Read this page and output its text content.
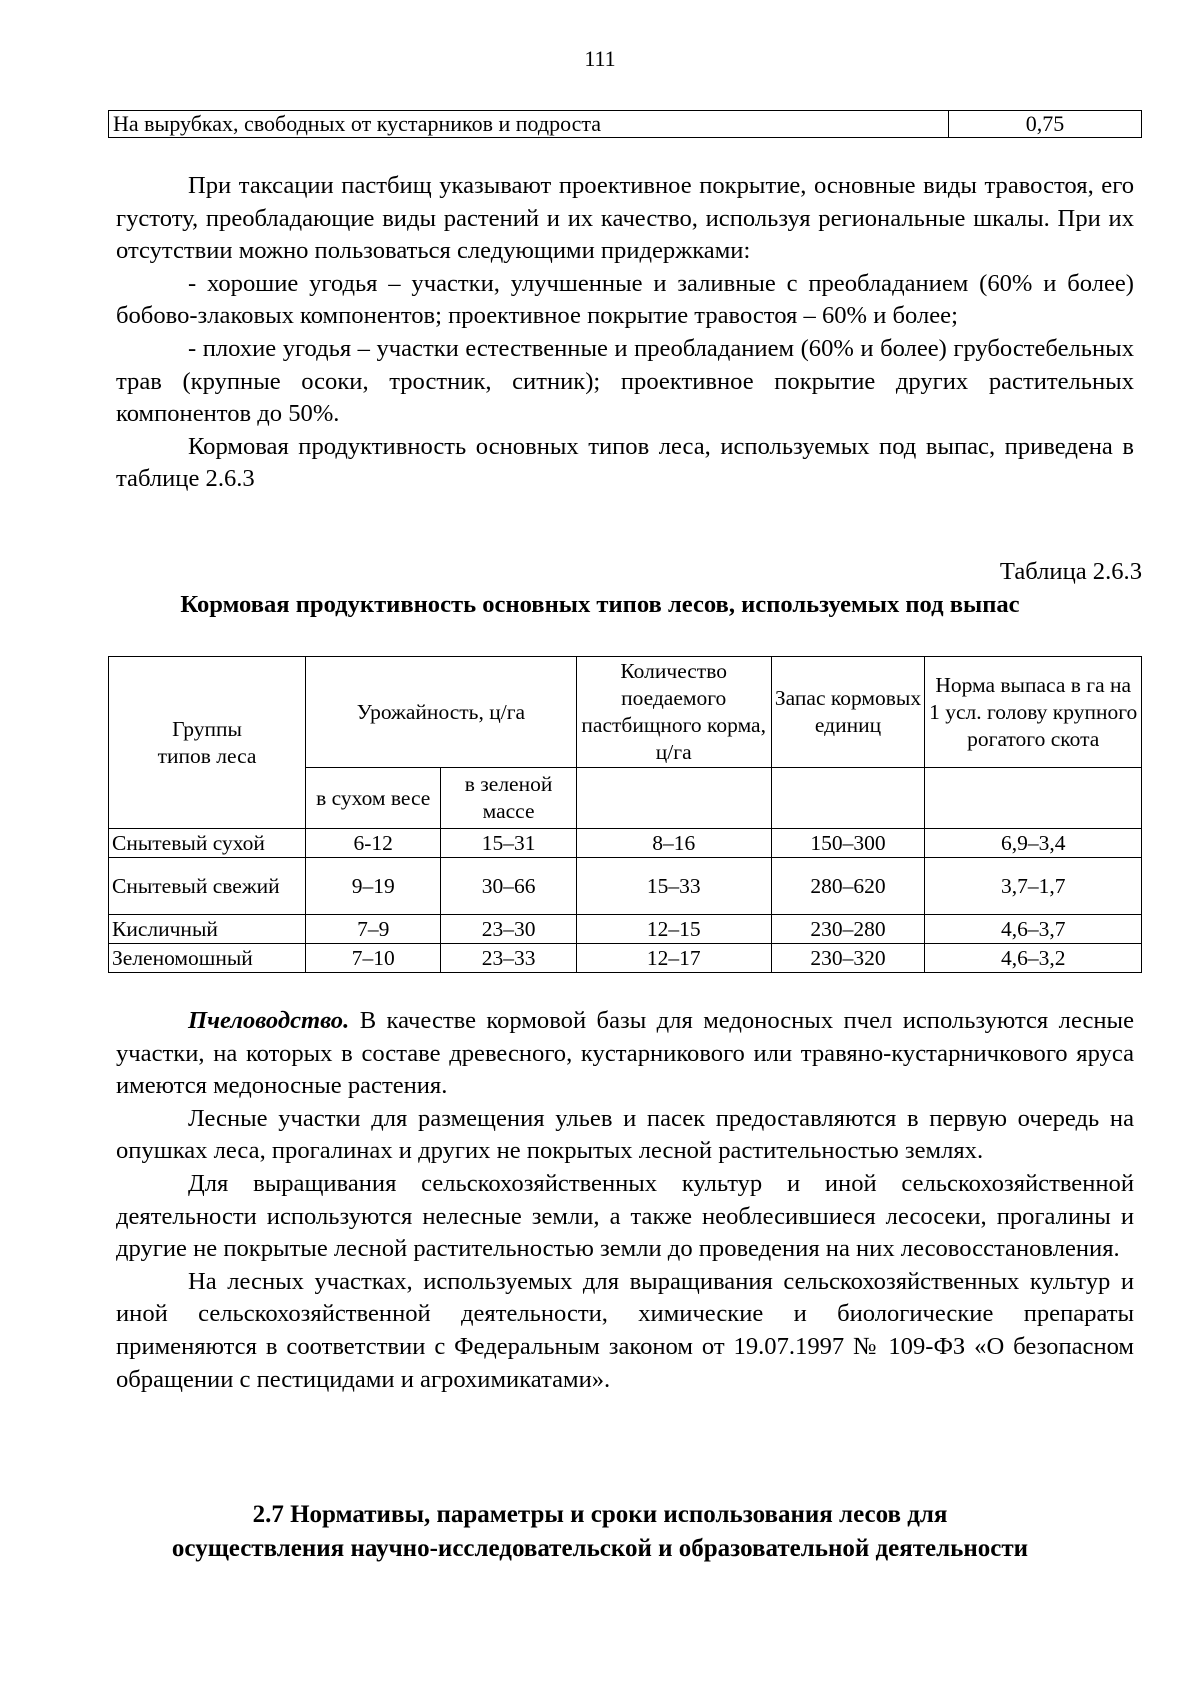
111
На вырубках, свободных от кустарников и подроста	0,75

При таксации пастбищ указывают проективное покрытие, основные виды травостоя, его густоту, преобладающие виды растений и их качество, используя региональные шкалы. При их отсутствии можно пользоваться следующими придержками:

- хорошие угодья – участки, улучшенные и заливные с преобладанием (60% и более) бобово-злаковых компонентов; проективное покрытие травостоя – 60% и более;

- плохие угодья – участки естественные и преобладанием (60% и более) грубостебельных трав (крупные осоки, тростник, ситник); проективное покрытие других растительных компонентов до 50%.

Кормовая продуктивность основных типов леса, используемых под выпас, приведена в таблице 2.6.3

Таблица 2.6.3
Кормовая продуктивность основных типов лесов, используемых под выпас
Группы
типов леса	Урожайность, ц/га		Количество поедаемого пастбищного корма, ц/га	Запас кормовых единиц	Норма выпаса в га на 1 усл. голову крупного рогатого скота
	в сухом весе	в зеленой массе			
Снытевый сухой	6-12	15–31	8–16	150–300	6,9–3,4
Снытевый свежий	9–19	30–66	15–33	280–620	3,7–1,7
Кисличный	7–9	23–30	12–15	230–280	4,6–3,7
Зеленомошный	7–10	23–33	12–17	230–320	4,6–3,2

Пчеловодство. В качестве кормовой базы для медоносных пчел используются лесные участки, на которых в составе древесного, кустарникового или травяно-кустарничкового яруса имеются медоносные растения.

Лесные участки для размещения ульев и пасек предоставляются в первую очередь на опушках леса, прогалинах и других не покрытых лесной растительностью землях.

Для выращивания сельскохозяйственных культур и иной сельскохозяйственной деятельности используются нелесные земли, а также необлесившиеся лесосеки, прогалины и другие не покрытые лесной растительностью земли до проведения на них лесовосстановления.

На лесных участках, используемых для выращивания сельскохозяйственных культур и иной сельскохозяйственной деятельности, химические и биологические препараты применяются в соответствии с Федеральным законом от 19.07.1997 № 109-ФЗ «О безопасном обращении с пестицидами и агрохимикатами».

2.7 Нормативы, параметры и сроки использования лесов для
осуществления научно-исследовательской и образовательной деятельности
